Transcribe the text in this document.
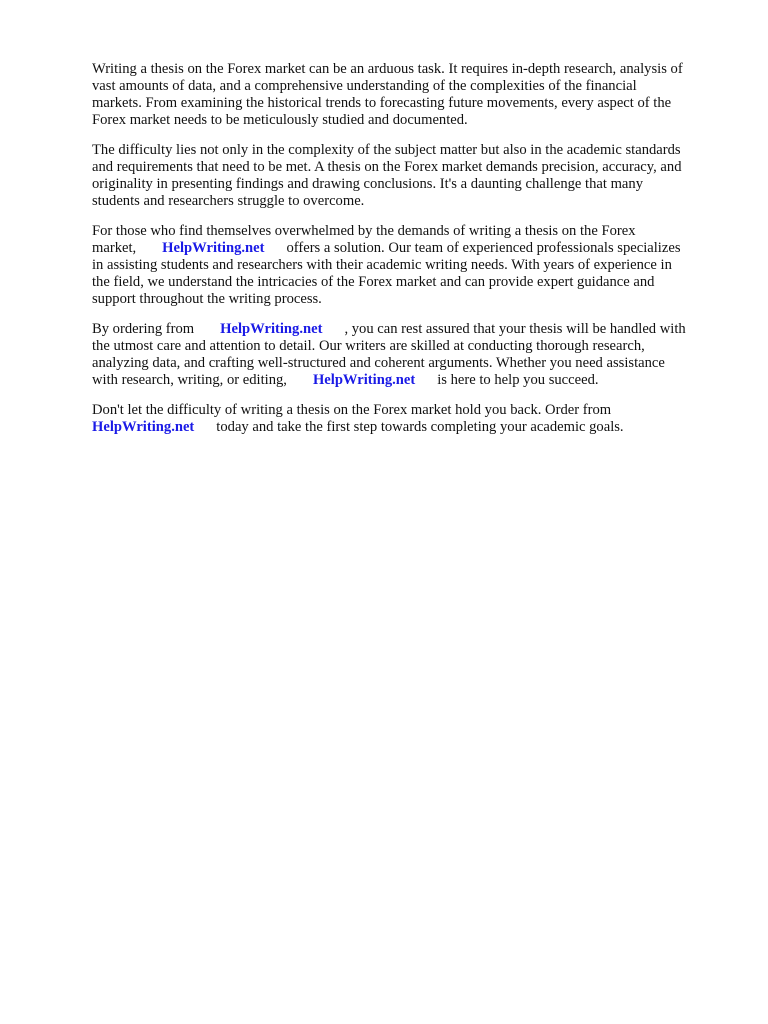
Writing a thesis on the Forex market can be an arduous task. It requires in-depth research, analysis of
vast amounts of data, and a comprehensive understanding of the complexities of the financial
markets. From examining the historical trends to forecasting future movements, every aspect of the
Forex market needs to be meticulously studied and documented.

The difficulty lies not only in the complexity of the subject matter but also in the academic standards
and requirements that need to be met. A thesis on the Forex market demands precision, accuracy, and
originality in presenting findings and drawing conclusions. It's a daunting challenge that many
students and researchers struggle to overcome.

For those who find themselves overwhelmed by the demands of writing a thesis on the Forex
market, HelpWriting.net offers a solution. Our team of experienced professionals specializes
in assisting students and researchers with their academic writing needs. With years of experience in
the field, we understand the intricacies of the Forex market and can provide expert guidance and
support throughout the writing process.

By ordering from HelpWriting.net , you can rest assured that your thesis will be handled with
the utmost care and attention to detail. Our writers are skilled at conducting thorough research,
analyzing data, and crafting well-structured and coherent arguments. Whether you need assistance
with research, writing, or editing, HelpWriting.net is here to help you succeed.

Don't let the difficulty of writing a thesis on the Forex market hold you back. Order from
HelpWriting.net today and take the first step towards completing your academic goals.
